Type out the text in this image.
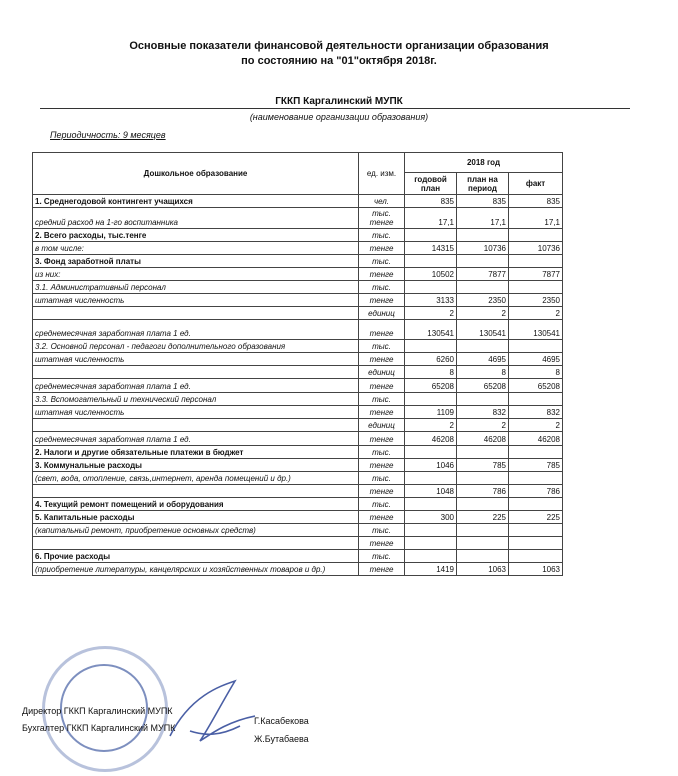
Основные показатели финансовой деятельности организации образования
по состоянию на "01"октября 2018г.
ГККП Каргалинский МУПК
(наименование организации образования)
Периодичность: 9 месяцев
Дошкольное образование	ед. изм.	2018 год		
		годовой план	план на период	факт
1. Среднегодовой контингент учащихся	чел.	835	835	835
средний расход на 1-го воспитанника	тыс. тенге	17,1	17,1	17,1
2. Всего расходы, тыс.тенге	тыс.			
в том числе:	тенге	14315	10736	10736
3. Фонд заработной платы	тыс.			
из них:	тенге	10502	7877	7877
3.1. Административный персонал	тыс.			
штатная численность	тенге	3133	2350	2350
	единиц	2	2	2
среднемесячная заработная плата 1 ед.	тенге	130541	130541	130541
3.2. Основной персонал - педагоги дополнительного образования	тыс.			
штатная численность	тенге	6260	4695	4695
	единиц	8	8	8
среднемесячная заработная плата 1 ед.	тенге	65208	65208	65208
3.3. Вспомогательный и технический персонал	тыс.			
штатная численность	тенге	1109	832	832
	единиц	2	2	2
среднемесячная заработная плата 1 ед.	тенге	46208	46208	46208
2. Налоги и другие обязательные платежи в бюджет	тыс.			
3. Коммунальные расходы	тенге	1046	785	785
(свет, вода, отопление, связь,интернет, аренда помещений и др.)	тыс.			
	тенге	1048	786	786
4. Текущий ремонт помещений и оборудования	тыс.			
5. Капитальные расходы	тенге	300	225	225
(капитальный ремонт, приобретение основных средств)	тыс.			
	тенге			
6. Прочие расходы	тыс.			
(приобретение литературы, канцелярских и хозяйственных товаров и др.)	тенге	1419	1063	1063
Директор ГККП Каргалинский МУПК
Г.Касабекова
Бухгалтер ГККП Каргалинский МУПК
Ж.Бутабаева
